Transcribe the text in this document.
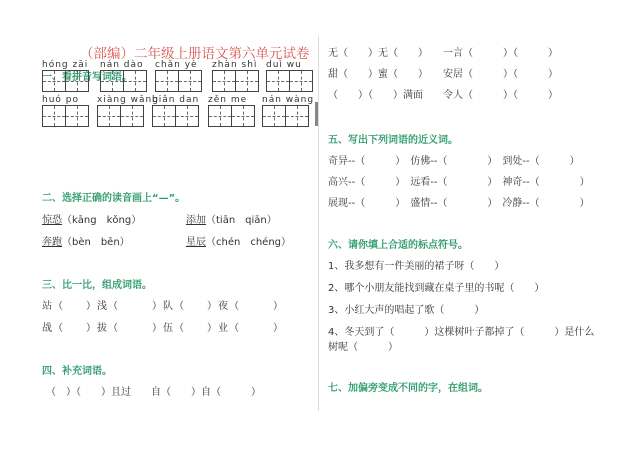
（部编）二年级上册语文第六单元试卷
一、看拼音写词语。
hóng zāi nán dào chǎn yè zhàn shì duì wu
huó po xiàng wǎng
biǎn dan zěn me nán wàng
二、选择正确的读音画上“—”。
惊恐（kāng　kǒng）	添加（tiān　qiān）
奔跑（bèn　bēn）	星辰（chén　chéng）
三、比一比，组成词语。
站（　　）浅（　　　）队（　　）夜（　　　）
战（　　）拔（　　　）伍（　　）业（　　　）
四、补充词语。
（　）（　　）且过　　自（　　）自（　　　）
无（　　）无（　　）　　一言（　　　）（　　　）
甜（　　）蜜（　　）　　安居（　　　）（　　　）
（　　）（　　）满面　　令人（　　　）（　　　）
五、写出下列词语的近义词。
奇异--（　　　）　仿佛--（　　　　）　到处--（　　　）
高兴--（　　　）　远看--（　　　　）　神奇--（　　　　）
展现--（　　　）　盛情--（　　　　）　冷静--（　　　　）
六、请你填上合适的标点符号。
1、我多想有一件美丽的裙子呀（　　）
2、哪个小朋友能找到藏在桌子里的书呢（　　）
3、小红大声的唱起了歌（　　　）
4、冬天到了（　　　）这棵树叶子都掉了（　　　）是什么
树呢（　　　）
七、加偏旁变成不同的字，在组词。
